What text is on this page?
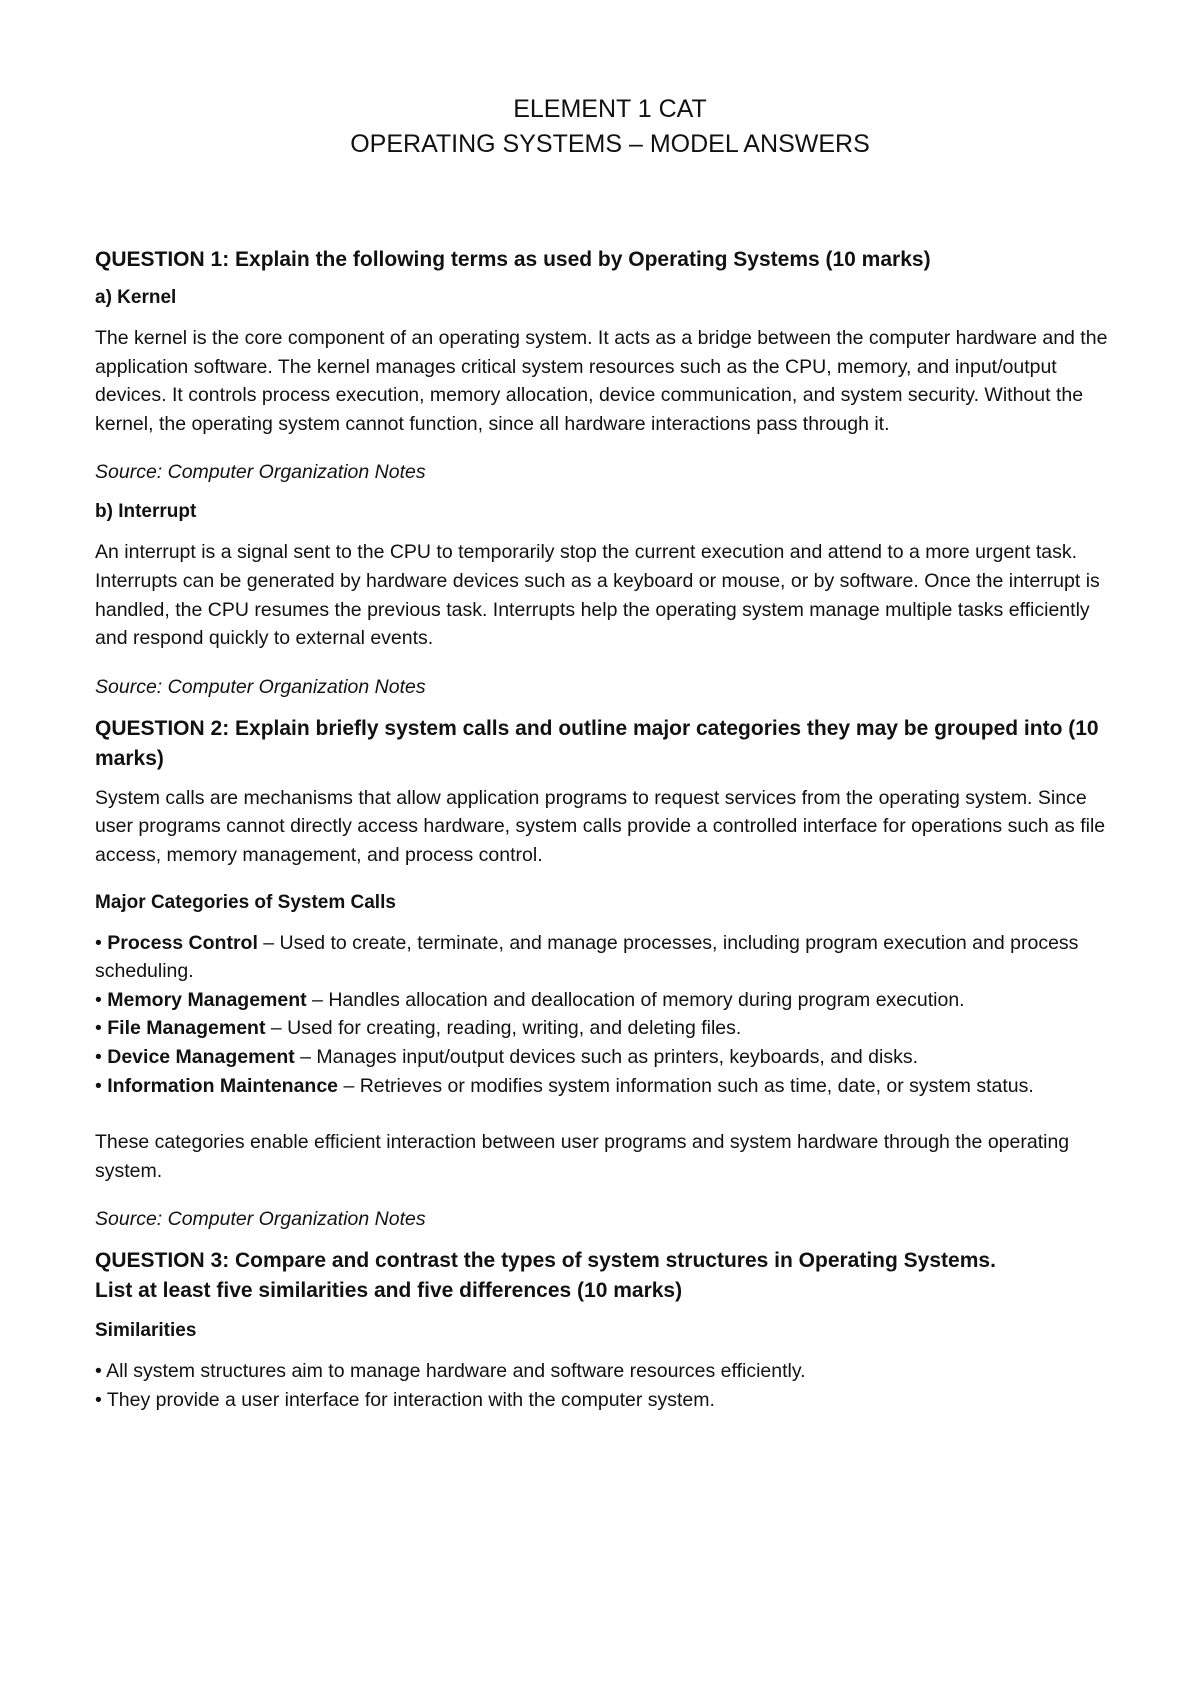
ELEMENT 1 CAT
OPERATING SYSTEMS – MODEL ANSWERS
QUESTION 1: Explain the following terms as used by Operating Systems (10 marks)
a) Kernel

The kernel is the core component of an operating system. It acts as a bridge between the computer hardware and the application software. The kernel manages critical system resources such as the CPU, memory, and input/output devices. It controls process execution, memory allocation, device communication, and system security. Without the kernel, the operating system cannot function, since all hardware interactions pass through it.

Source: Computer Organization Notes

b) Interrupt

An interrupt is a signal sent to the CPU to temporarily stop the current execution and attend to a more urgent task. Interrupts can be generated by hardware devices such as a keyboard or mouse, or by software. Once the interrupt is handled, the CPU resumes the previous task. Interrupts help the operating system manage multiple tasks efficiently and respond quickly to external events.

Source: Computer Organization Notes

QUESTION 2: Explain briefly system calls and outline major categories they may be grouped into (10 marks)

System calls are mechanisms that allow application programs to request services from the operating system. Since user programs cannot directly access hardware, system calls provide a controlled interface for operations such as file access, memory management, and process control.

Major Categories of System Calls
• Process Control – Used to create, terminate, and manage processes, including program execution and process scheduling.
• Memory Management – Handles allocation and deallocation of memory during program execution.
• File Management – Used for creating, reading, writing, and deleting files.
• Device Management – Manages input/output devices such as printers, keyboards, and disks.
• Information Maintenance – Retrieves or modifies system information such as time, date, or system status.

These categories enable efficient interaction between user programs and system hardware through the operating system.

Source: Computer Organization Notes

QUESTION 3: Compare and contrast the types of system structures in Operating Systems.
List at least five similarities and five differences (10 marks)
Similarities
• All system structures aim to manage hardware and software resources efficiently.
• They provide a user interface for interaction with the computer system.
